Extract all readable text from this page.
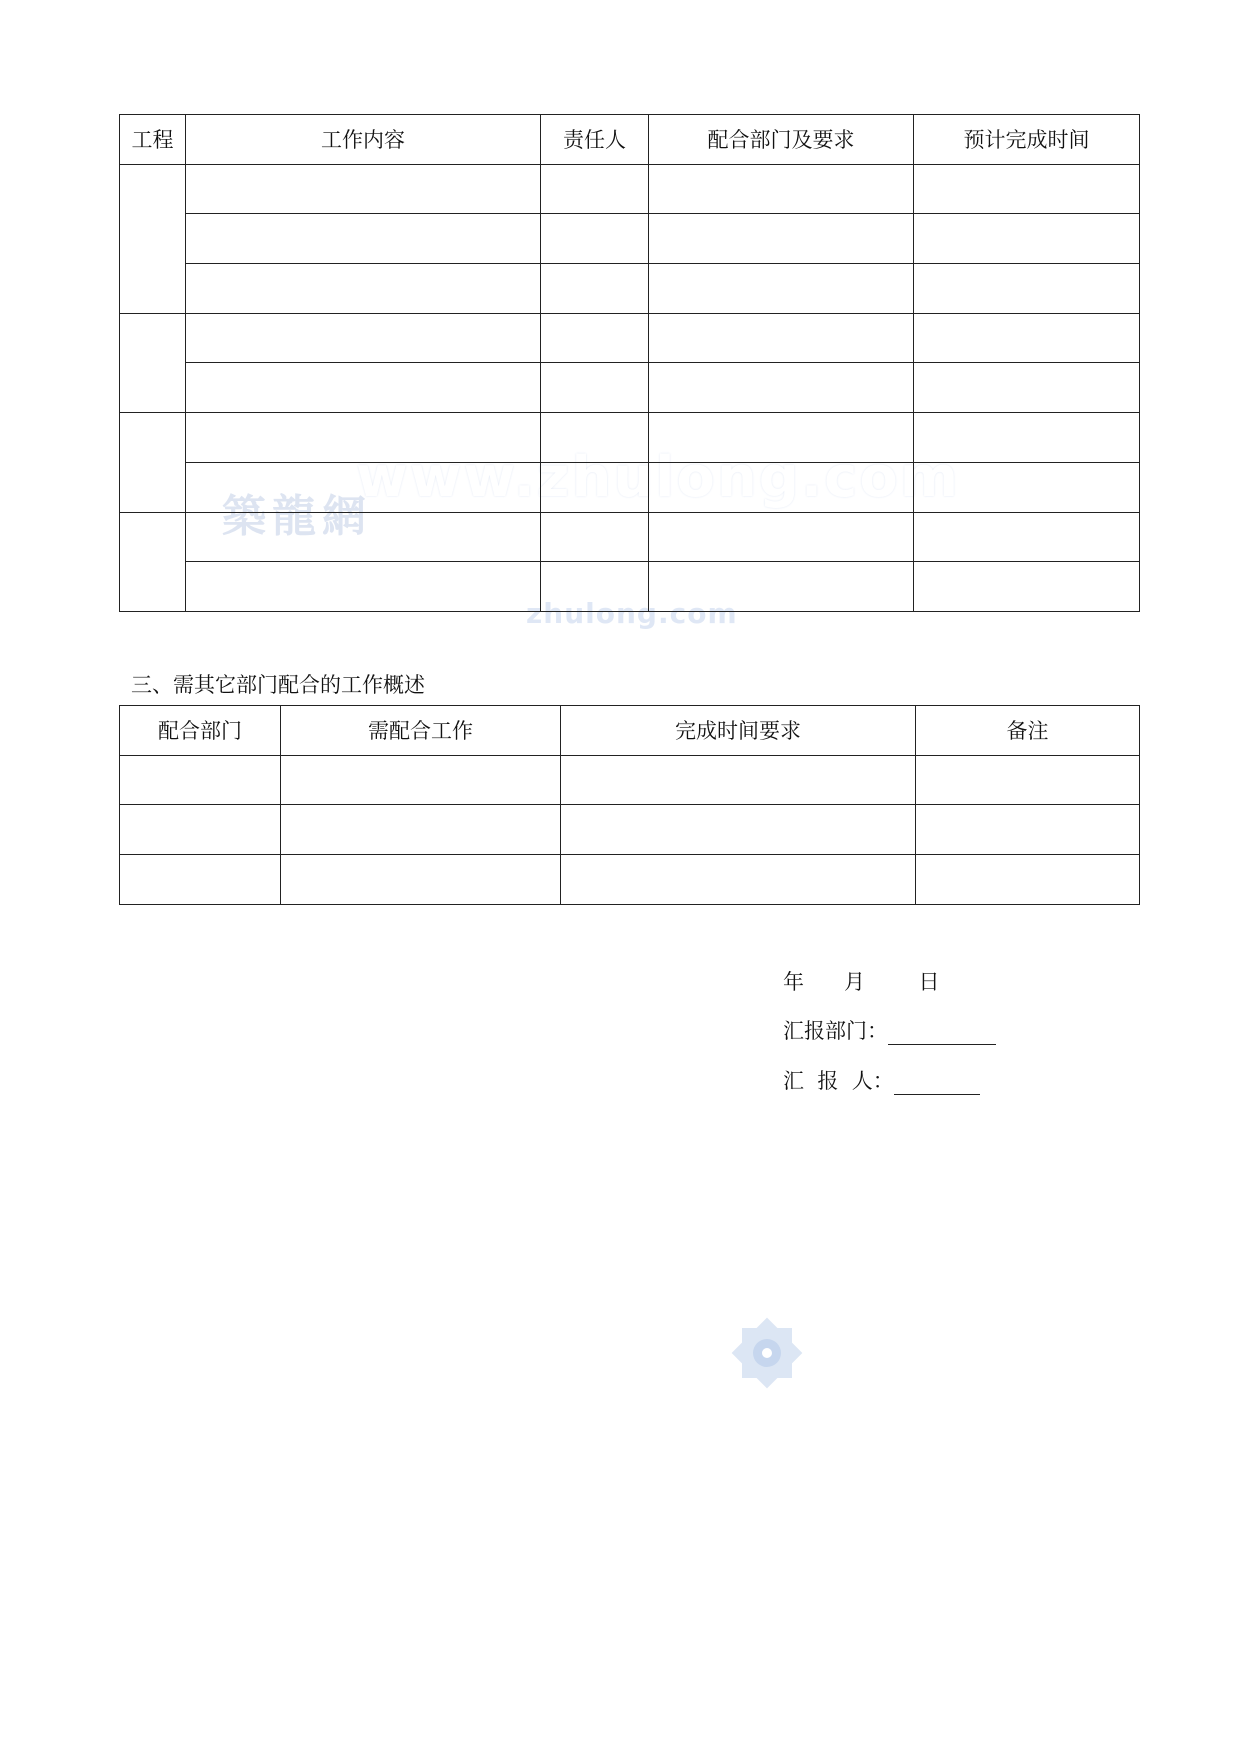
築龍網
www.zhulong.com
zhulong.com
工程	工作内容	责任人	配合部门及要求	预计完成时间

三、需其它部门配合的工作概述
配合部门	需配合工作	完成时间要求	备注

年      月        日
汇报部门：
汇  报  人：
